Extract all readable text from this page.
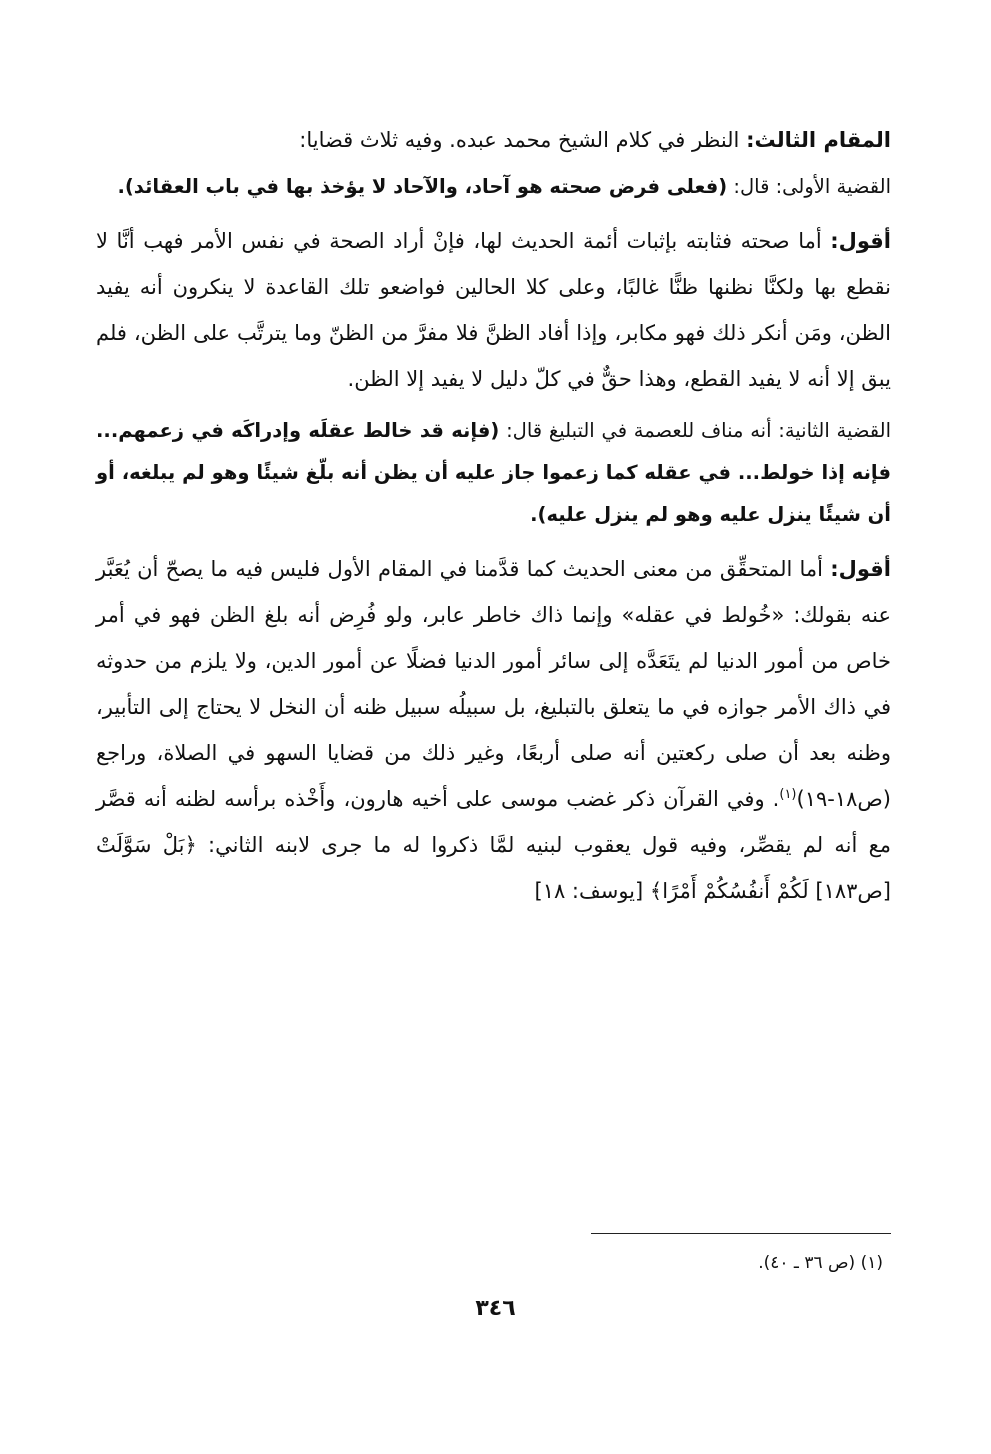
المقام الثالث: النظر في كلام الشيخ محمد عبده. وفيه ثلاث قضايا:
القضية الأولى: قال: (فعلى فرض صحته هو آحاد، والآحاد لا يؤخذ بها في باب العقائد).
أقول: أما صحته فثابته بإثبات أئمة الحديث لها، فإنْ أراد الصحة في نفس الأمر فهب أنَّا لا نقطع بها ولكنَّا نظنها ظنًّا غالبًا، وعلى كلا الحالين فواضعو تلك القاعدة لا ينكرون أنه يفيد الظن، ومَن أنكر ذلك فهو مكابر، وإذا أفاد الظنَّ فلا مفرَّ من الظنّ وما يترتَّب على الظن، فلم يبق إلا أنه لا يفيد القطع، وهذا حقٌّ في كلّ دليل لا يفيد إلا الظن.
القضية الثانية: أنه مناف للعصمة في التبليغ قال: (فإنه قد خالط عقلَه وإدراكَه في زعمهم... فإنه إذا خولط... في عقله كما زعموا جاز عليه أن يظن أنه بلّغ شيئًا وهو لم يبلغه، أو أن شيئًا ينزل عليه وهو لم ينزل عليه).
أقول: أما المتحقِّق من معنى الحديث كما قدَّمنا في المقام الأول فليس فيه ما يصحّ أن يُعَبَّر عنه بقولك: «خُولط في عقله» وإنما ذاك خاطر عابر، ولو فُرِض أنه بلغ الظن فهو في أمر خاص من أمور الدنيا لم يتَعَدَّه إلى سائر أمور الدنيا فضلًا عن أمور الدين، ولا يلزم من حدوثه في ذاك الأمر جوازه في ما يتعلق بالتبليغ، بل سبيلُه سبيل ظنه أن النخل لا يحتاج إلى التأبير، وظنه بعد أن صلى ركعتين أنه صلى أربعًا، وغير ذلك من قضايا السهو في الصلاة، وراجع (ص١٨-١٩)$^{(١)}$. وفي القرآن ذكر غضب موسى على أخيه هارون، وأَخْذه برأسه لظنه أنه قصَّر مع أنه لم يقصِّر، وفيه قول يعقوب لبنيه لمَّا ذكروا له ما جرى لابنه الثاني: ﴿بَلْ سَوَّلَتْ [ص١٨٣] لَكُمْ أَنفُسُكُمْ أَمْرًا﴾ [يوسف: ١٨]
(١) (ص ٣٦ ـ ٤٠).
٣٤٦
